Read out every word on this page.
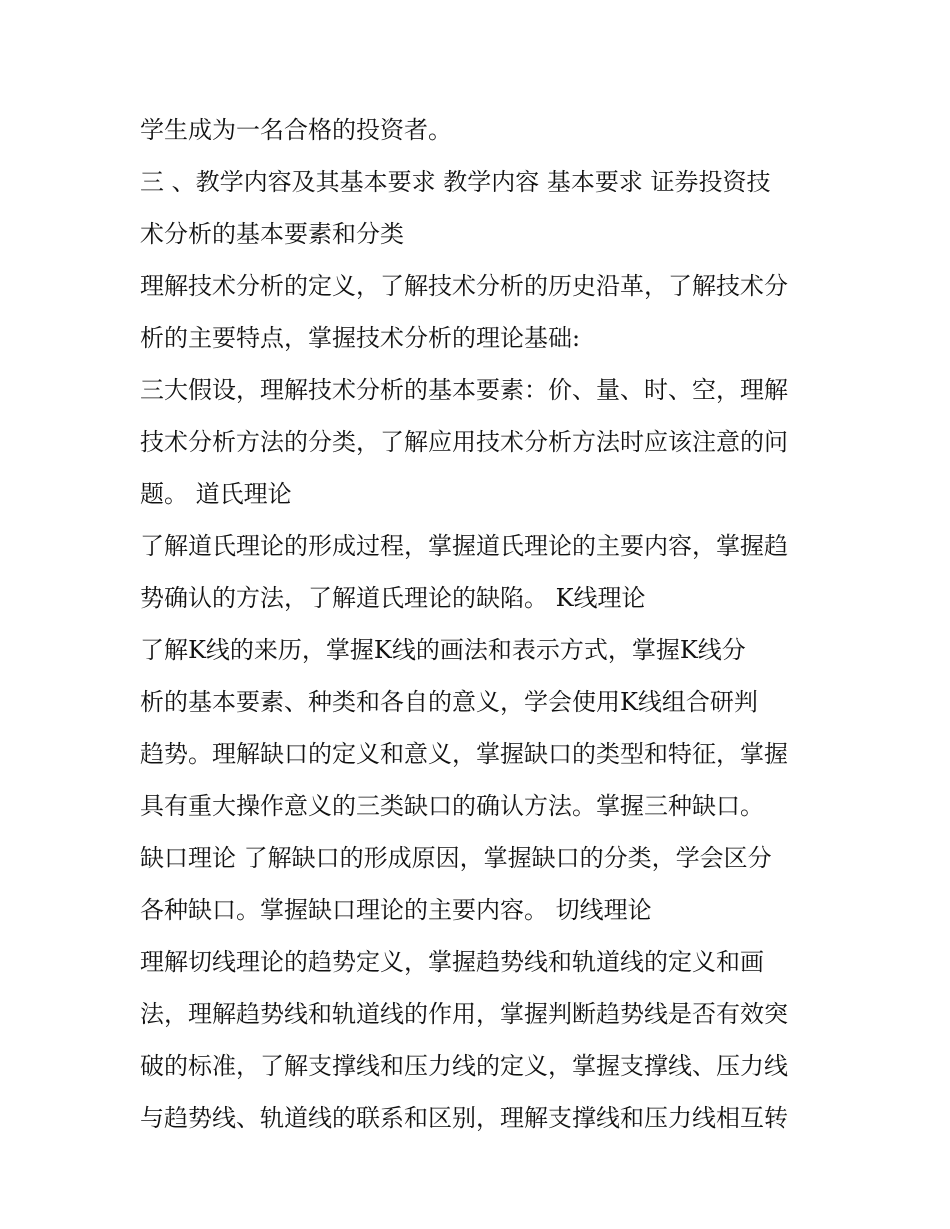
学生成为一名合格的投资者。
三 、教学内容及其基本要求 教学内容 基本要求 证券投资技
术分析的基本要素和分类
理解技术分析的定义，了解技术分析的历史沿革，了解技术分
析的主要特点，掌握技术分析的理论基础:
三大假设，理解技术分析的基本要素：价、量、时、空，理解
技术分析方法的分类，了解应用技术分析方法时应该注意的问
题。 道氏理论
了解道氏理论的形成过程，掌握道氏理论的主要内容，掌握趋
势确认的方法，了解道氏理论的缺陷。 K线理论
了解K线的来历，掌握K线的画法和表示方式，掌握K线分
析的基本要素、种类和各自的意义，学会使用K线组合研判
趋势。理解缺口的定义和意义，掌握缺口的类型和特征，掌握
具有重大操作意义的三类缺口的确认方法。掌握三种缺口。
缺口理论 了解缺口的形成原因，掌握缺口的分类，学会区分
各种缺口。掌握缺口理论的主要内容。 切线理论
理解切线理论的趋势定义，掌握趋势线和轨道线的定义和画
法，理解趋势线和轨道线的作用，掌握判断趋势线是否有效突
破的标准，了解支撑线和压力线的定义，掌握支撑线、压力线
与趋势线、轨道线的联系和区别，理解支撑线和压力线相互转
